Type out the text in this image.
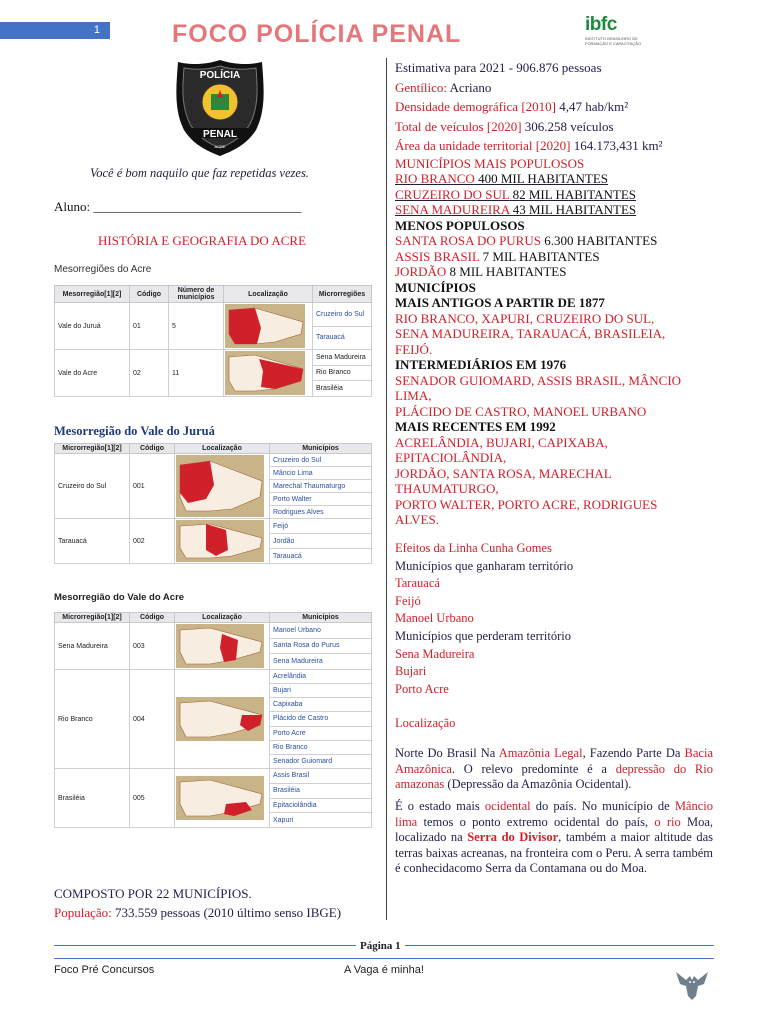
1	FOCO POLÍCIA PENAL	ibfc
INSTITUTO BRASILEIRO DE FORMAÇÃO E CAPACITAÇÃO
POLÍCIA
PENAL
ACRE
Você é bom naquilo que faz repetidas vezes.
Aluno: ________________________________
HISTÓRIA E GEOGRAFIA DO ACRE
Mesorregiões do Acre
Mesorregião[1][2]	Código	Número de municípios	Localização	Microrregiões
Vale do Juruá	01	5		Cruzeiro do Sul
				Tarauacá
Vale do Acre	02	11		Sena Madureira
				Rio Branco
				Brasiléia
Mesorregião do Vale do Juruá
Microrregião[1][2]	Código	Localização	Municípios
Cruzeiro do Sul	001		Cruzeiro do Sul
			Mâncio Lima
			Marechal Thaumaturgo
			Porto Walter
			Rodrigues Alves
Tarauacá	002		Feijó
			Jordão
			Tarauacá
Mesorregião do Vale do Acre
Microrregião[1][2]	Código	Localização	Municípios
Sena Madureira	003		Manoel Urbano
			Santa Rosa do Purus
			Sena Madureira
Rio Branco	004		Acrelândia
			Bujari
			Capixaba
			Plácido de Castro
			Porto Acre
			Rio Branco
			Senador Guiomard
Brasiléia	005		Assis Brasil
			Brasiléia
			Epitaciolândia
			Xapuri
COMPOSTO POR 22 MUNICÍPIOS.
População: 733.559 pessoas (2010 último senso IBGE)
Estimativa para 2021 - 906.876 pessoas
Gentílico: Acriano
Densidade demográfica [2010] 4,47 hab/km²
Total de veículos [2020] 306.258 veículos
Área da unidade territorial [2020] 164.173,431 km²
MUNICÍPIOS MAIS POPULOSOS
RIO BRANCO 400 MIL HABITANTES
CRUZEIRO DO SUL 82 MIL HABITANTES
SENA MADUREIRA 43 MIL HABITANTES
MENOS POPULOSOS
SANTA ROSA DO PURUS 6.300 HABITANTES
ASSIS BRASIL 7 MIL HABITANTES
JORDÃO 8 MIL HABITANTES
MUNICÍPIOS
MAIS ANTIGOS A PARTIR DE 1877
RIO BRANCO, XAPURI, CRUZEIRO DO SUL,
SENA MADUREIRA, TARAUACÁ, BRASILEIA,
FEIJÓ.
INTERMEDIÁRIOS EM 1976
SENADOR GUIOMARD, ASSIS BRASIL, MÂNCIO
LIMA,
PLÁCIDO DE CASTRO, MANOEL URBANO
MAIS RECENTES EM 1992
ACRELÂNDIA, BUJARI, CAPIXABA,
EPITACIOLÂNDIA,
JORDÃO, SANTA ROSA, MARECHAL
THAUMATURGO,
PORTO WALTER, PORTO ACRE, RODRIGUES
ALVES.
Efeitos da Linha Cunha Gomes
Municípios que ganharam território
Tarauacá
Feijó
Manoel Urbano
Municípios que perderam território
Sena Madureira
Bujari
Porto Acre
Localização
Norte Do Brasil Na Amazônia Legal, Fazendo Parte Da Bacia Amazônica. O relevo predominte é a depressão do Rio amazonas (Depressão da Amazônia Ocidental).
É o estado mais ocidental do país. No município de Mâncio lima temos o ponto extremo ocidental do país, o rio Moa, localizado na Serra do Divisor, também a maior altitude das terras baixas acreanas, na fronteira com o Peru. A serra também é conhecidacomo Serra da Contamana ou do Moa.
Página 1
Foco Pré Concursos	A Vaga é minha!
